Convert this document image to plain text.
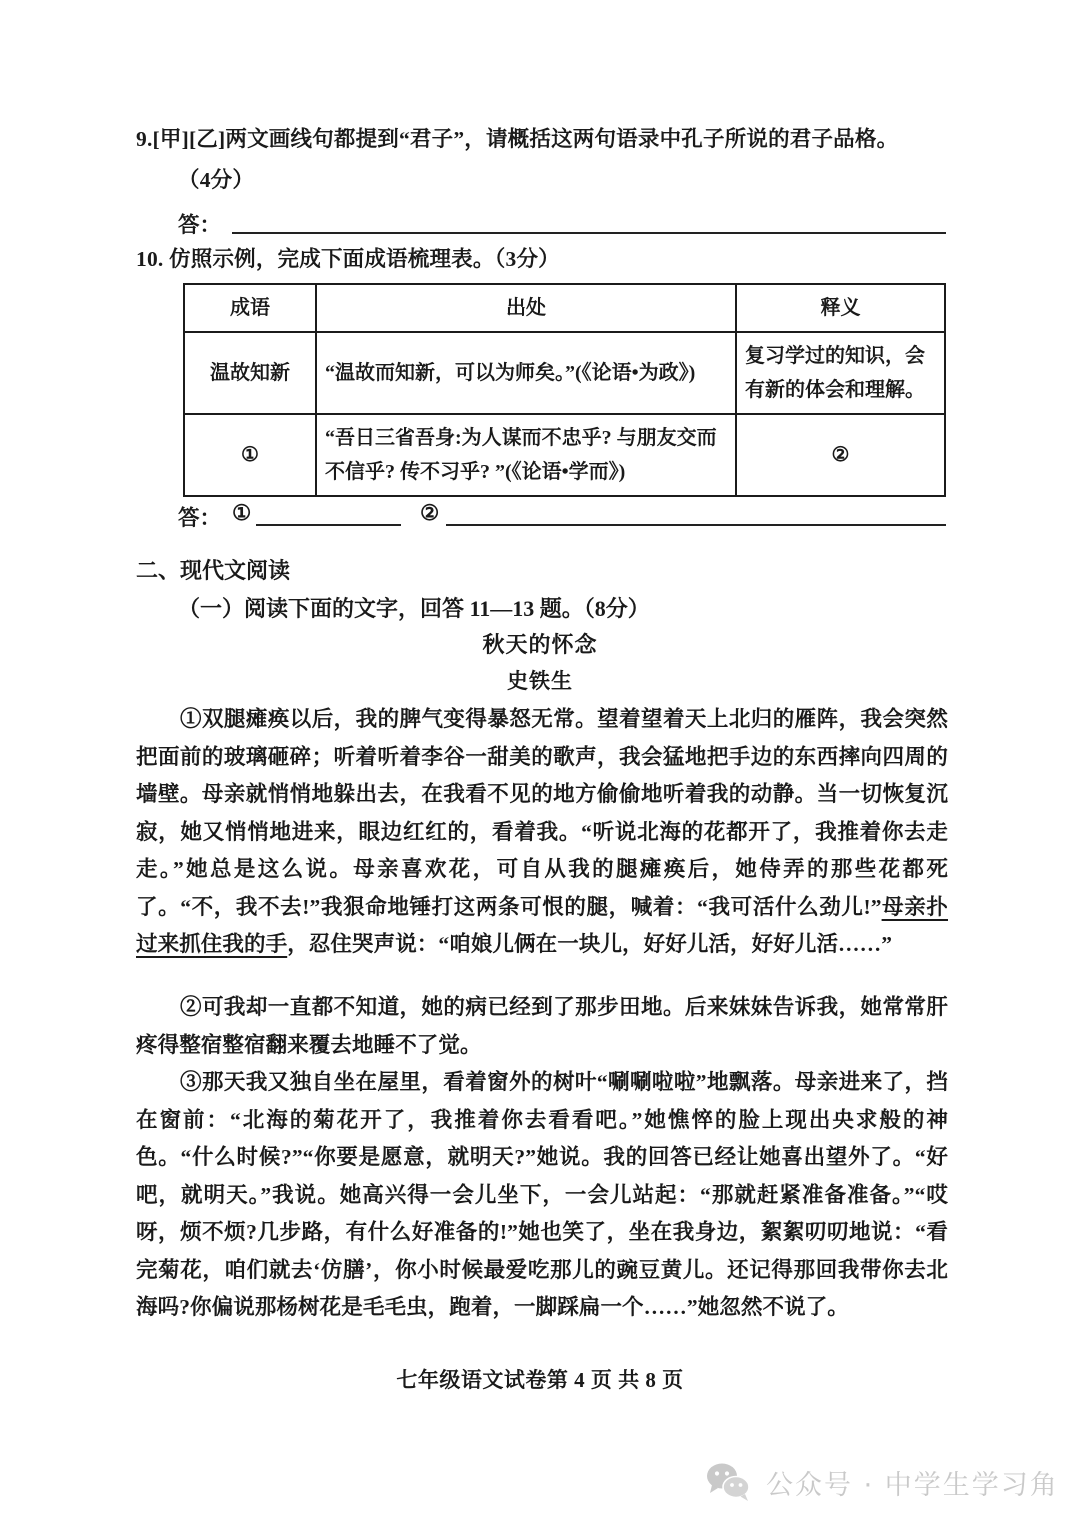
9.[甲][乙]两文画线句都提到“君子”，请概括这两句语录中孔子所说的君子品格。
（4分）
答：
10. 仿照示例，完成下面成语梳理表。（3分）
成语	出处	释义
温故知新	“温故而知新，可以为师矣。”(《论语•为政》)	复习学过的知识，会有新的体会和理解。
①	“吾日三省吾身:为人谋而不忠乎? 与朋友交而不信乎? 传不习乎? ”(《论语•学而》)	②
答： ①	②
二、现代文阅读
（一）阅读下面的文字，回答 11—13 题。（8分）
秋天的怀念
史铁生
①双腿瘫痪以后，我的脾气变得暴怒无常。望着望着天上北归的雁阵，我会突然把面前的玻璃砸碎；听着听着李谷一甜美的歌声，我会猛地把手边的东西摔向四周的墙壁。母亲就悄悄地躲出去，在我看不见的地方偷偷地听着我的动静。当一切恢复沉寂，她又悄悄地进来，眼边红红的，看着我。“听说北海的花都开了，我推着你去走走。”她总是这么说。母亲喜欢花，可自从我的腿瘫痪后，她侍弄的那些花都死了。“不，我不去!”我狠命地锤打这两条可恨的腿，喊着：“我可活什么劲儿!”母亲扑过来抓住我的手，忍住哭声说：“咱娘儿俩在一块儿，好好儿活，好好儿活……”
②可我却一直都不知道，她的病已经到了那步田地。后来妹妹告诉我，她常常肝疼得整宿整宿翻来覆去地睡不了觉。
③那天我又独自坐在屋里，看着窗外的树叶“唰唰啦啦”地飘落。母亲进来了，挡在窗前：“北海的菊花开了，我推着你去看看吧。”她憔悴的脸上现出央求般的神色。“什么时候?”“你要是愿意，就明天?”她说。我的回答已经让她喜出望外了。“好吧，就明天。”我说。她高兴得一会儿坐下，一会儿站起：“那就赶紧准备准备。”“哎呀，烦不烦?几步路，有什么好准备的!”她也笑了，坐在我身边，絮絮叨叨地说：“看完菊花，咱们就去‘仿膳’，你小时候最爱吃那儿的豌豆黄儿。还记得那回我带你去北海吗?你偏说那杨树花是毛毛虫，跑着，一脚踩扁一个……”她忽然不说了。
七年级语文试卷第 4 页 共 8 页
公众号 · 中学生学习角
